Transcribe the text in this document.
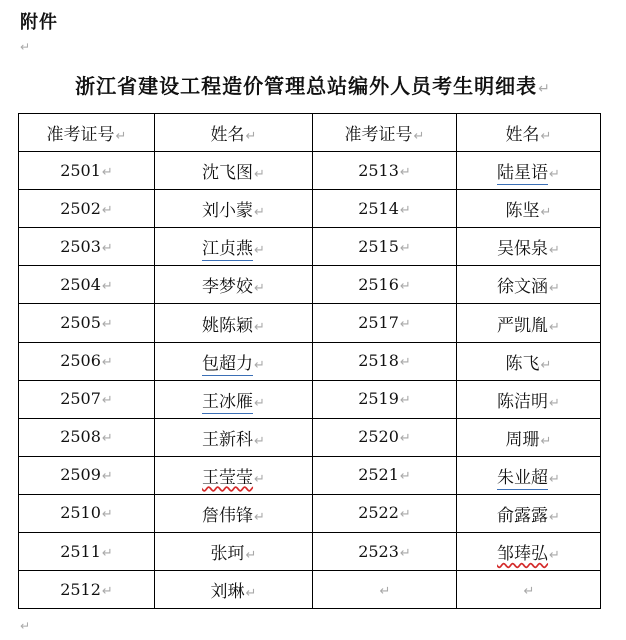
附件
↵
浙江省建设工程造价管理总站编外人员考生明细表↵
准考证号↵	姓名↵	准考证号↵	姓名↵
2501↵	沈飞图↵	2513↵	陆星语↵
2502↵	刘小蒙↵	2514↵	陈坚↵
2503↵	江贞燕↵	2515↵	吴保泉↵
2504↵	李梦姣↵	2516↵	徐文涵↵
2505↵	姚陈颖↵	2517↵	严凯胤↵
2506↵	包超力↵	2518↵	陈飞↵
2507↵	王冰雁↵	2519↵	陈洁明↵
2508↵	王新科↵	2520↵	周珊↵
2509↵	王莹莹↵	2521↵	朱业超↵
2510↵	詹伟锋↵	2522↵	俞露露↵
2511↵	张珂↵	2523↵	邹琫弘↵
2512↵	刘琳↵	↵	↵
↵
